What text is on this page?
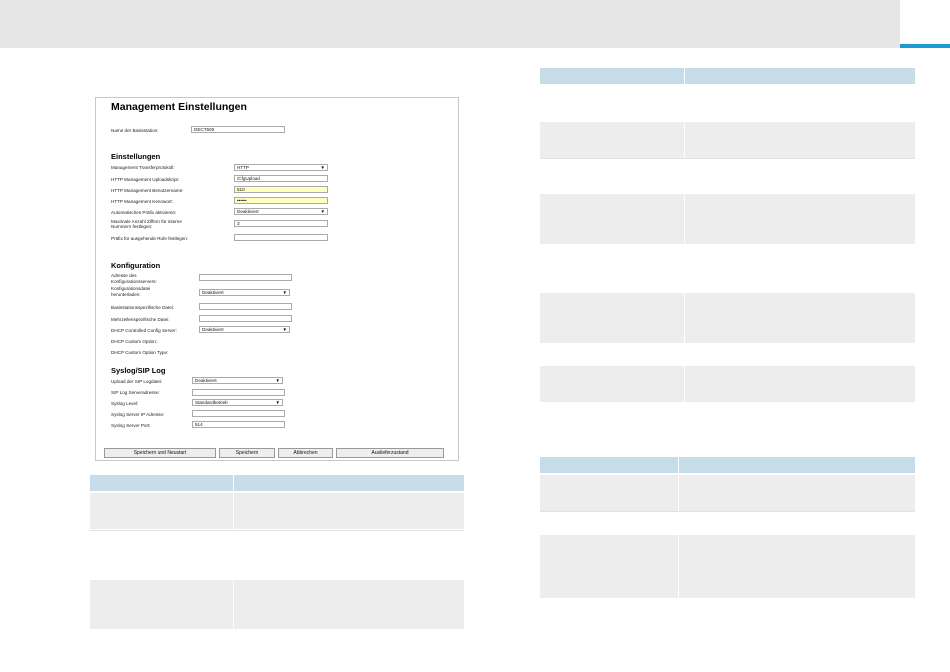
Management Einstellungen
Name der Basisstation:	DECT500
Einstellungen
Management Transferprotokoll:	HTTP	▼
HTTP Management Uploadskript:	/CfgUpload
HTTP Management Benutzername:	510
HTTP Management Kennwort:	••••••
Automatisches Präfix aktivieren:	Deaktiviert	▼
Maximale Anzahl Ziffern für interne
Nummern festlegen:
3
Präfix für ausgehende Rufe festlegen:
Konfiguration
Adresse des
Konfigurationsservers:
Konfigurationsdatei
herunterladen:	Deaktiviert	▼
Basisstationsspezifische Datei:
Mehrzellenspezifische Datei:
DHCP Controlled Config Server:	Deaktiviert	▼
DHCP Custom Option:
DHCP Custom Option Type:
Syslog/SIP Log
Upload der SIP Logdatei:	Deaktiviert	▼
SIP Log Serveradresse:
Syslog Level:	Standardbetrieb	▼
Syslog Server IP Adresse:
Syslog Server Port:	514
Speichern und Neustart	Speichern	Abbrechen	Auslieferzustand
